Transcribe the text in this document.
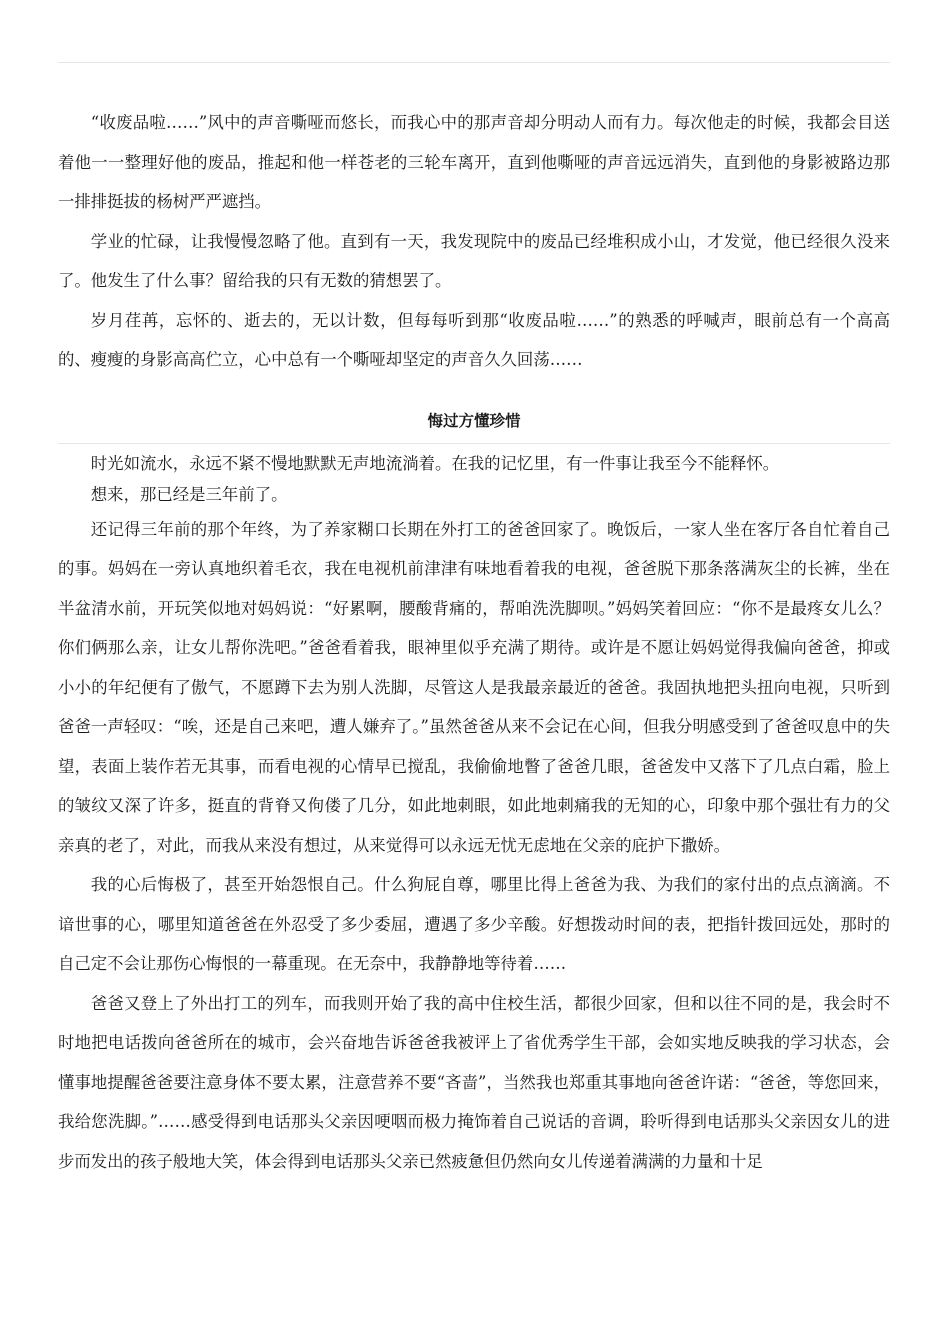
“收废品啦……”风中的声音嘶哑而悠长，而我心中的那声音却分明动人而有力。每次他走的时候，我都会目送着他一一整理好他的废品，推起和他一样苍老的三轮车离开，直到他嘶哑的声音远远消失，直到他的身影被路边那一排排挺拔的杨树严严遮挡。

学业的忙碌，让我慢慢忽略了他。直到有一天，我发现院中的废品已经堆积成小山，才发觉，他已经很久没来了。他发生了什么事？留给我的只有无数的猜想罢了。

岁月荏苒，忘怀的、逝去的，无以计数，但每每听到那“收废品啦……”的熟悉的呼喊声，眼前总有一个高高的、瘦瘦的身影高高伫立，心中总有一个嘶哑却坚定的声音久久回荡……

悔过方懂珍惜

时光如流水，永远不紧不慢地默默无声地流淌着。在我的记忆里，有一件事让我至今不能释怀。

想来，那已经是三年前了。

还记得三年前的那个年终，为了养家糊口长期在外打工的爸爸回家了。晚饭后，一家人坐在客厅各自忙着自己的事。妈妈在一旁认真地织着毛衣，我在电视机前津津有味地看着我的电视，爸爸脱下那条落满灰尘的长裤，坐在半盆清水前，开玩笑似地对妈妈说：“好累啊，腰酸背痛的，帮咱洗洗脚呗。”妈妈笑着回应：“你不是最疼女儿么？你们俩那么亲，让女儿帮你洗吧。”爸爸看着我，眼神里似乎充满了期待。或许是不愿让妈妈觉得我偏向爸爸，抑或小小的年纪便有了傲气，不愿蹲下去为别人洗脚，尽管这人是我最亲最近的爸爸。我固执地把头扭向电视，只听到爸爸一声轻叹：“唉，还是自己来吧，遭人嫌弃了。”虽然爸爸从来不会记在心间，但我分明感受到了爸爸叹息中的失望，表面上装作若无其事，而看电视的心情早已搅乱，我偷偷地瞥了爸爸几眼，爸爸发中又落下了几点白霜，脸上的皱纹又深了许多，挺直的背脊又佝偻了几分，如此地刺眼，如此地刺痛我的无知的心，印象中那个强壮有力的父亲真的老了，对此，而我从来没有想过，从来觉得可以永远无忧无虑地在父亲的庇护下撒娇。

我的心后悔极了，甚至开始怨恨自己。什么狗屁自尊，哪里比得上爸爸为我、为我们的家付出的点点滴滴。不谙世事的心，哪里知道爸爸在外忍受了多少委屈，遭遇了多少辛酸。好想拨动时间的表，把指针拨回远处，那时的自己定不会让那伤心悔恨的一幕重现。在无奈中，我静静地等待着……

爸爸又登上了外出打工的列车，而我则开始了我的高中住校生活，都很少回家，但和以往不同的是，我会时不时地把电话拨向爸爸所在的城市，会兴奋地告诉爸爸我被评上了省优秀学生干部，会如实地反映我的学习状态，会懂事地提醒爸爸要注意身体不要太累，注意营养不要“吝啬”，当然我也郑重其事地向爸爸许诺：“爸爸，等您回来，我给您洗脚。”……感受得到电话那头父亲因哽咽而极力掩饰着自己说话的音调，聆听得到电话那头父亲因女儿的进步而发出的孩子般地大笑，体会得到电话那头父亲已然疲惫但仍然向女儿传递着满满的力量和十足
